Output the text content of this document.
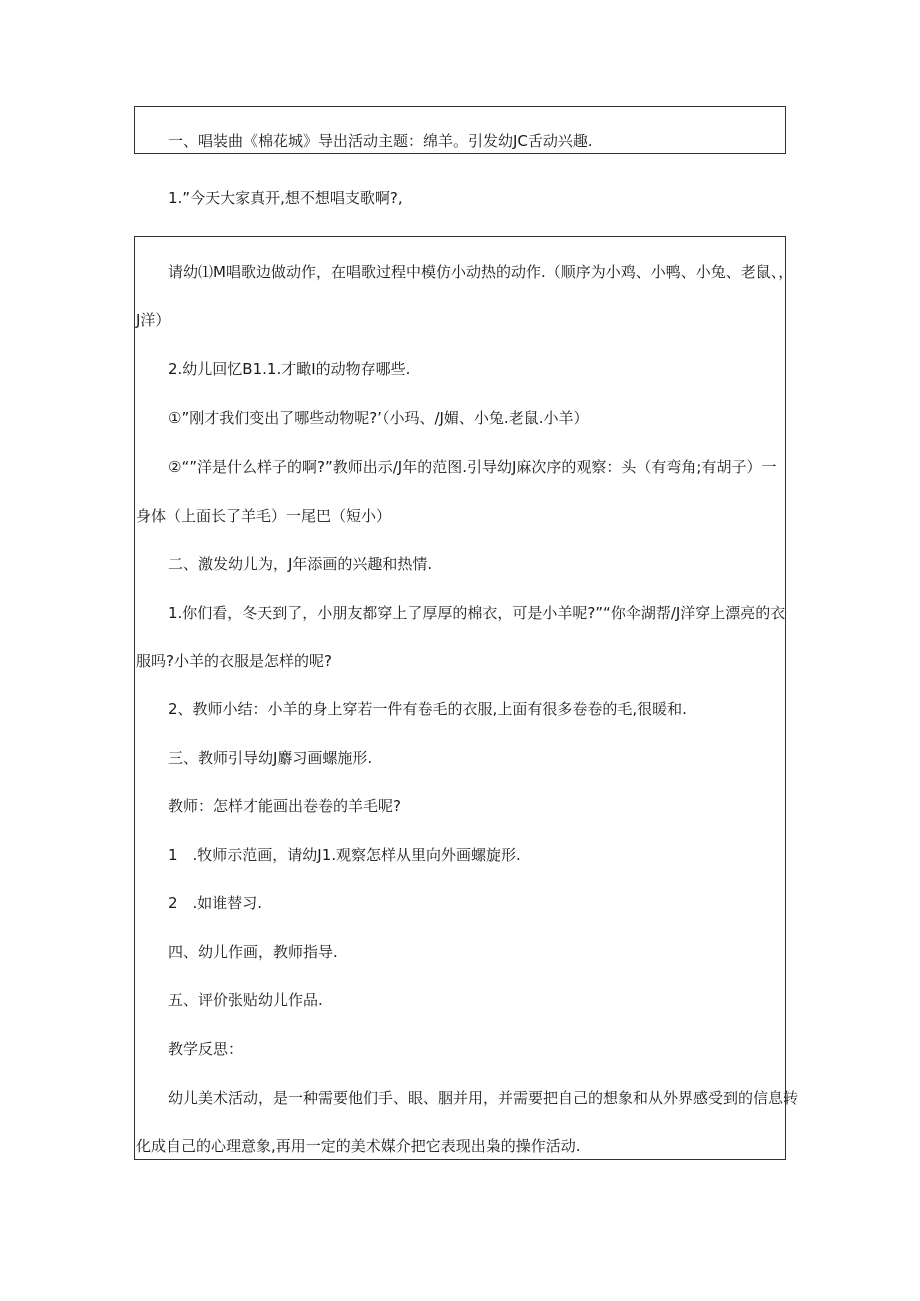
一、唱装曲《棉花城》导出活动主题：绵羊。引发幼JC舌动兴趣.
1.”今天大家真开,想不想唱支歌啊?,
请幼⑴M唱歌边做动作，在唱歌过程中模仿小动热的动作.（顺序为小鸡、小鸭、小兔、老鼠、，
J洋）
2.幼儿回忆B1.1.才瞰I的动物存哪些.
①”刚才我们变出了哪些动物呢?’（小玛、/J媚、小兔.老鼠.小羊）
②“”洋是什么样子的啊?”教师出示/J年的范图.引导幼J麻次序的观察：头（有弯角;有胡子）一
身体（上面长了羊毛）一尾巴（短小）
二、激发幼儿为，J年添画的兴趣和热情.
1.你们看，冬天到了，小朋友都穿上了厚厚的棉衣，可是小羊呢?”“你伞湖帮/J洋穿上漂亮的衣
服吗?小羊的衣服是怎样的呢?
2、教师小结：小羊的身上穿若一件有卷毛的衣服,上面有很多卷卷的毛,很暖和.
三、教师引导幼J麝习画螺施形.
教师：怎样才能画出卷卷的羊毛呢?
1　.牧师示范画，请幼J1.观察怎样从里向外画螺旋形.
2　.如谁替习.
四、幼儿作画，教师指导.
五、评价张贴幼儿作品.
教学反思：
幼儿美术活动，是一种需要他们手、眼、胭并用，并需要把自己的想象和从外界感受到的信息转
化成自己的心理意象,再用一定的美术媒介把它表现出枭的操作活动.
